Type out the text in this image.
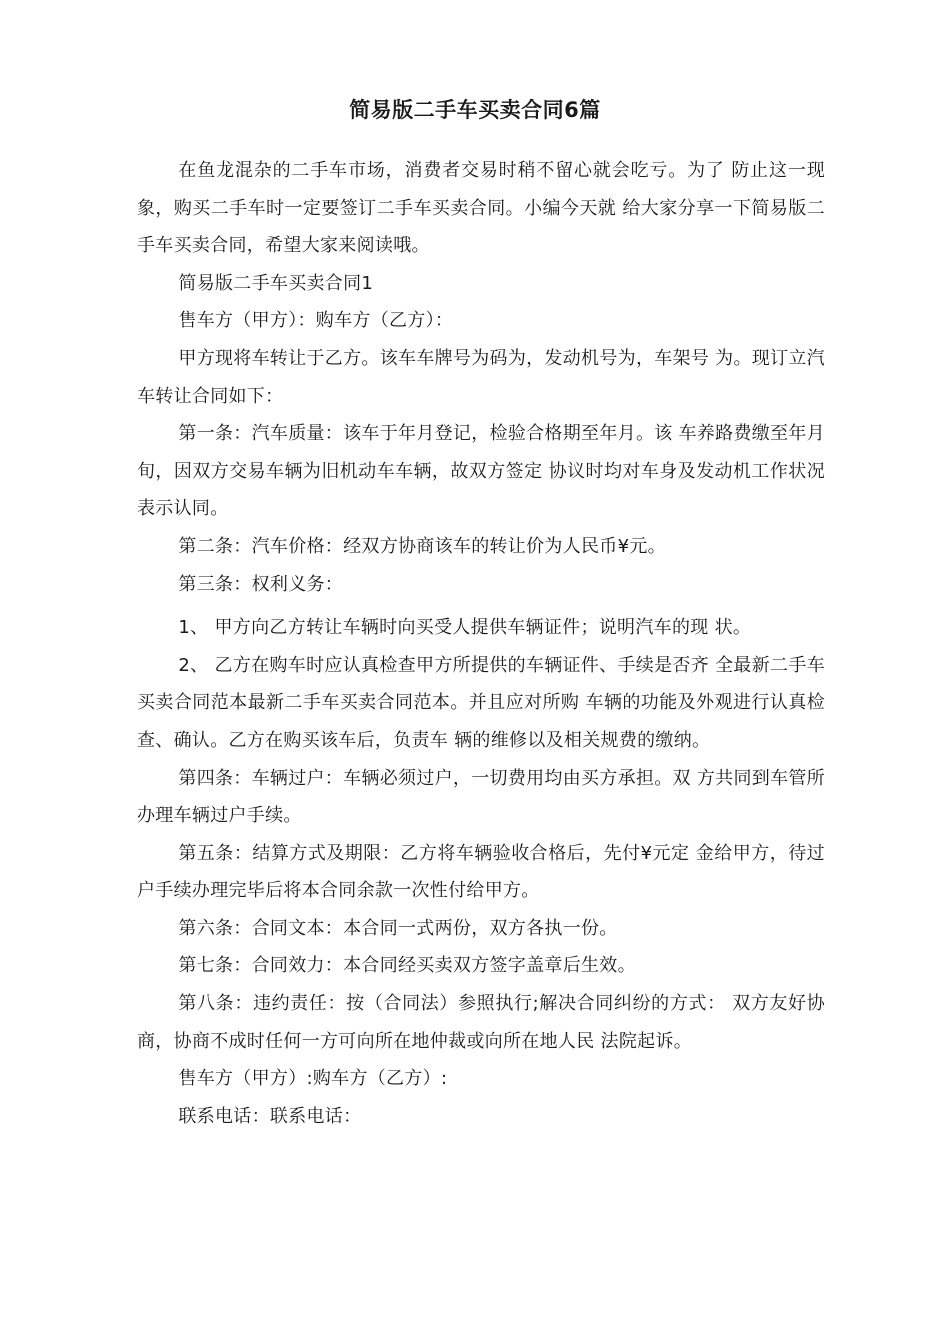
简易版二手车买卖合同6篇

在鱼龙混杂的二手车市场，消费者交易时稍不留心就会吃亏。为了 防止这一现象，购买二手车时一定要签订二手车买卖合同。小编今天就 给大家分享一下简易版二手车买卖合同，希望大家来阅读哦。

简易版二手车买卖合同1

售车方（甲方）：购车方（乙方）：

甲方现将车转让于乙方。该车车牌号为码为，发动机号为，车架号 为。现订立汽车转让合同如下：

第一条：汽车质量：该车于年月登记，检验合格期至年月。该 车养路费缴至年月旬，因双方交易车辆为旧机动车车辆，故双方签定 协议时均对车身及发动机工作状况表示认同。

第二条：汽车价格：经双方协商该车的转让价为人民币¥元。

第三条：权利义务：

1、 甲方向乙方转让车辆时向买受人提供车辆证件；说明汽车的现 状。

2、 乙方在购车时应认真检查甲方所提供的车辆证件、手续是否齐 全最新二手车买卖合同范本最新二手车买卖合同范本。并且应对所购 车辆的功能及外观进行认真检查、确认。乙方在购买该车后，负责车 辆的维修以及相关规费的缴纳。

第四条：车辆过户：车辆必须过户，一切费用均由买方承担。双 方共同到车管所办理车辆过户手续。

第五条：结算方式及期限：乙方将车辆验收合格后，先付¥元定 金给甲方，待过户手续办理完毕后将本合同余款一次性付给甲方。

第六条：合同文本：本合同一式两份，双方各执一份。

第七条：合同效力：本合同经买卖双方签字盖章后生效。

第八条：违约责任：按（合同法）参照执行;解决合同纠纷的方式： 双方友好协商，协商不成时任何一方可向所在地仲裁或向所在地人民 法院起诉。

售车方（甲方）:购车方（乙方）:

联系电话：联系电话：
